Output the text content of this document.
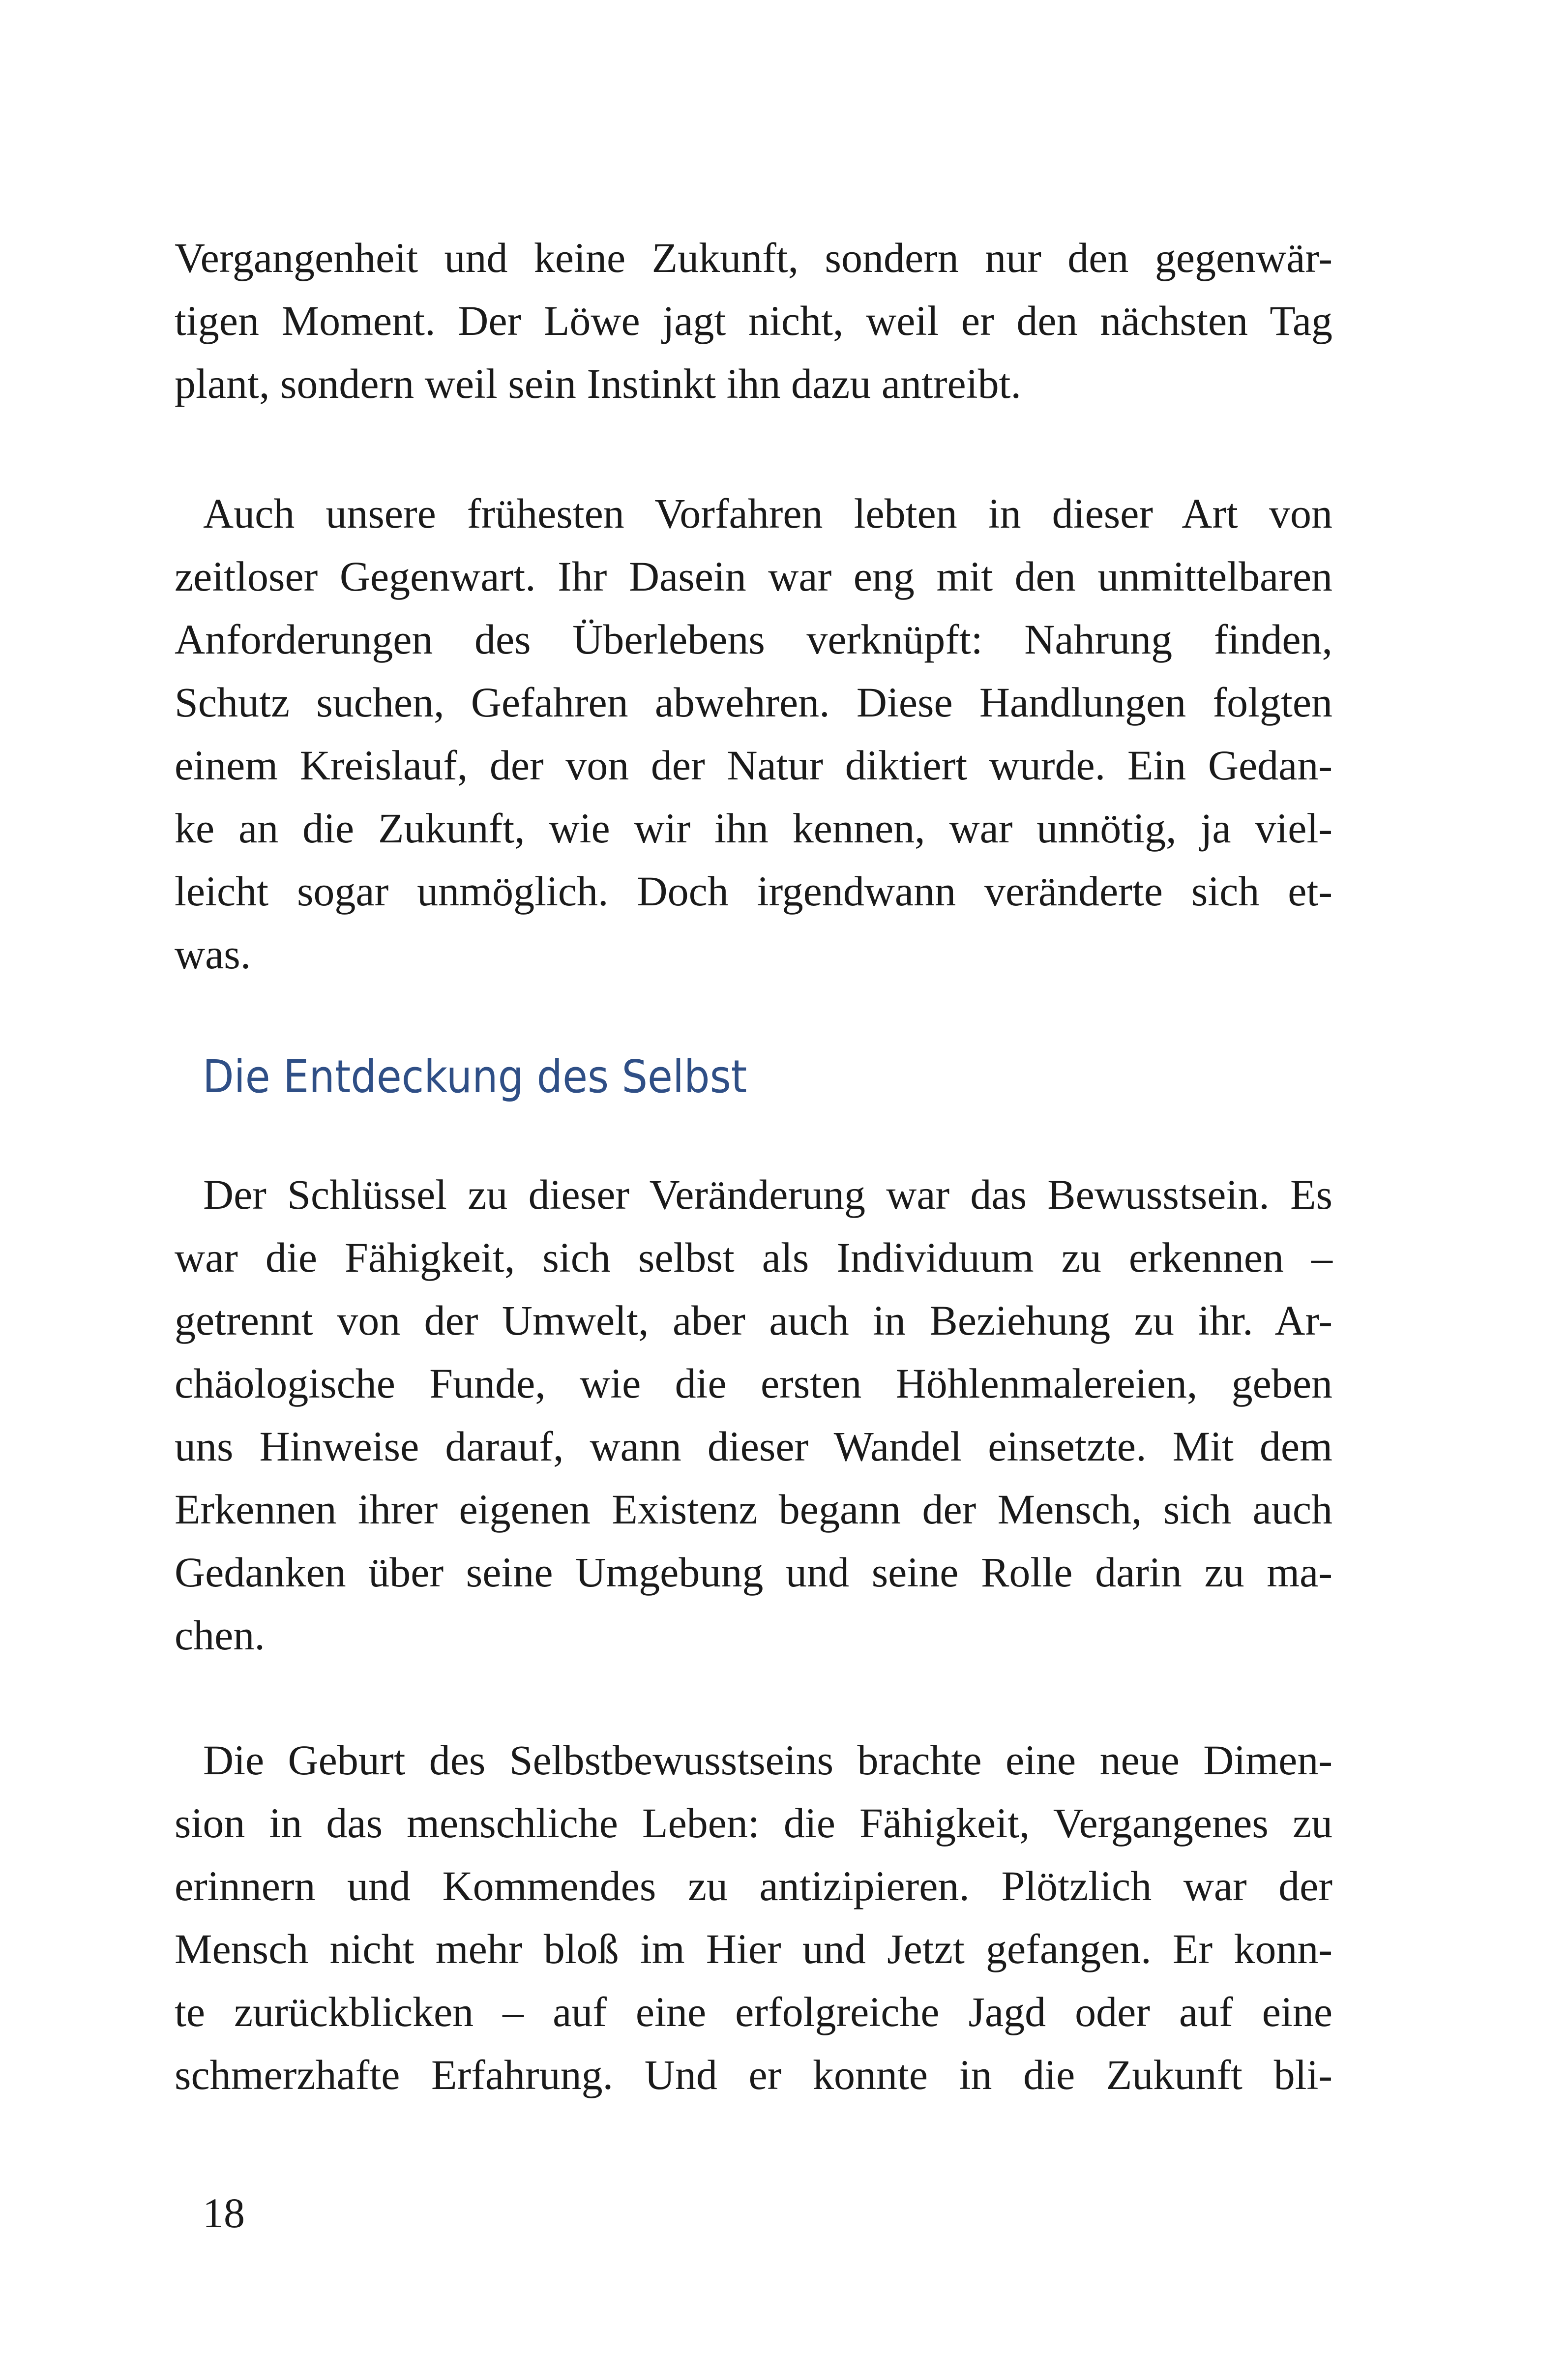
Vergangenheit und keine Zukunft, sondern nur den gegenwär-
tigen Moment. Der Löwe jagt nicht, weil er den nächsten Tag
plant, sondern weil sein Instinkt ihn dazu antreibt.
Auch unsere frühesten Vorfahren lebten in dieser Art von
zeitloser Gegenwart. Ihr Dasein war eng mit den unmittelbaren
Anforderungen des Überlebens verknüpft: Nahrung finden,
Schutz suchen, Gefahren abwehren. Diese Handlungen folgten
einem Kreislauf, der von der Natur diktiert wurde. Ein Gedan-
ke an die Zukunft, wie wir ihn kennen, war unnötig, ja viel-
leicht sogar unmöglich. Doch irgendwann veränderte sich et-
was.
Die Entdeckung des Selbst
Der Schlüssel zu dieser Veränderung war das Bewusstsein. Es
war die Fähigkeit, sich selbst als Individuum zu erkennen –
getrennt von der Umwelt, aber auch in Beziehung zu ihr. Ar-
chäologische Funde, wie die ersten Höhlenmalereien, geben
uns Hinweise darauf, wann dieser Wandel einsetzte. Mit dem
Erkennen ihrer eigenen Existenz begann der Mensch, sich auch
Gedanken über seine Umgebung und seine Rolle darin zu ma-
chen.
Die Geburt des Selbstbewusstseins brachte eine neue Dimen-
sion in das menschliche Leben: die Fähigkeit, Vergangenes zu
erinnern und Kommendes zu antizipieren. Plötzlich war der
Mensch nicht mehr bloß im Hier und Jetzt gefangen. Er konn-
te zurückblicken – auf eine erfolgreiche Jagd oder auf eine
schmerzhafte Erfahrung. Und er konnte in die Zukunft bli-
18
